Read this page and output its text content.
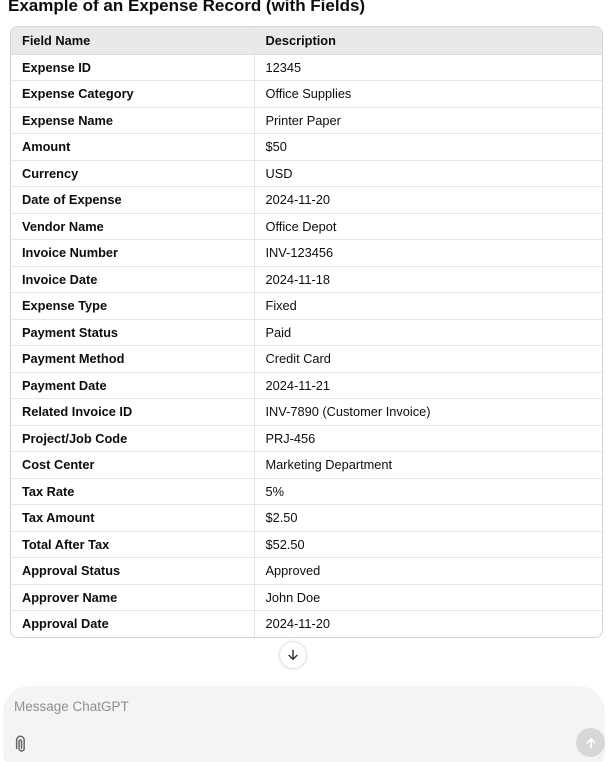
Example of an Expense Record (with Fields)
Field Name	Description
Expense ID	12345
Expense Category	Office Supplies
Expense Name	Printer Paper
Amount	$50
Currency	USD
Date of Expense	2024-11-20
Vendor Name	Office Depot
Invoice Number	INV-123456
Invoice Date	2024-11-18
Expense Type	Fixed
Payment Status	Paid
Payment Method	Credit Card
Payment Date	2024-11-21
Related Invoice ID	INV-7890 (Customer Invoice)
Project/Job Code	PRJ-456
Cost Center	Marketing Department
Tax Rate	5%
Tax Amount	$2.50
Total After Tax	$52.50
Approval Status	Approved
Approver Name	John Doe
Approval Date	2024-11-20
Message ChatGPT
